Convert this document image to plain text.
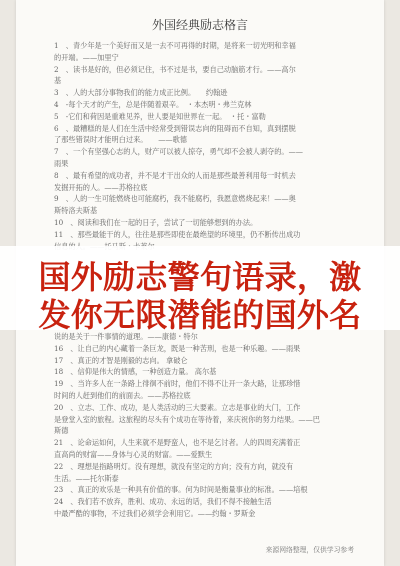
外国经典励志格言

1　、青少年是一个美好而又是一去不可再得的时期，是将来一切光明和幸福

的开端。——加里宁

2　、读书是好的，但必须记住，书不过是书，要自己动脑筋才行。——高尔

基

3　、人的大部分事物我们的能力成正比例。　　约翰逊

4　-每个天才的产生，总是伴随着艰辛。　・本杰明・弗兰克林

5　-它们和荷因是重难见养，世人要是知世界在一起。　・托・富勒

6　、最糟糕的是人们在生活中经常受到错误志向的阻碍而不自知，真到摆脱

了那些错误时才能明白过来。　　——歌德

7　、一个有坚强心志的人，财产可以被人掠夺，勇气却不会被人剥夺的。——

雨果

8　、最有希望的成功者，并不是才干出众的人而是那些最善利用每一时机去

发掘开拓的人。——苏格拉底

9　、人的一生可能燃烧也可能腐朽，我不能腐朽，我愿意燃烧起来！——奥

斯特洛夫斯基

10　、阅读和我们在一起的日子，尝试了一切能够想到的办法。

11　、那些最能干的人，往往是那些即使在最绝望的环境里，仍不断传出成功

说的是关于一件事情的道理。——康德・特尔

16　、让自己的内心藏着一条巨龙，既是一种苦刑，也是一种乐趣。——雨果

17　、真正的才智是刚毅的志向。 拿破仑

18　、信仰是伟大的情感，一种创造力量。 高尔基

19　、当许多人在一条路上徘徊不前时，他们不得不让开一条大路，让那珍惜

时间的人赶到他们的前面去。——苏格拉底

20　、立志、工作、成功，是人类活动的三大要素。立志是事业的大门，工作

是登堂入室的旅程。这旅程的尽头有个成功在等待着，来庆祝你的努力结果。——巴

斯德

21　、论命运如何，人生来就不是野蛮人，也不是乞讨者。人的四周充满着正

直高尚的财富——身体与心灵的财富。——爱默生

22　、理想是指路明灯。没有理想，就没有坚定的方向；没有方向，就没有

生活。——托尔斯泰

23　、真正的欢乐是一种具有价值的事。何为时间是衡量事业的标准。——培根

24　、我们若不放弃，胜利、成功、永远的话，我们不得不接触生活

中最严酷的事物，不过我们必须学会利用它。——约翰・罗斯金

来源网络整理，仅供学习参考
国外励志警句语录，激
发你无限潜能的国外名
